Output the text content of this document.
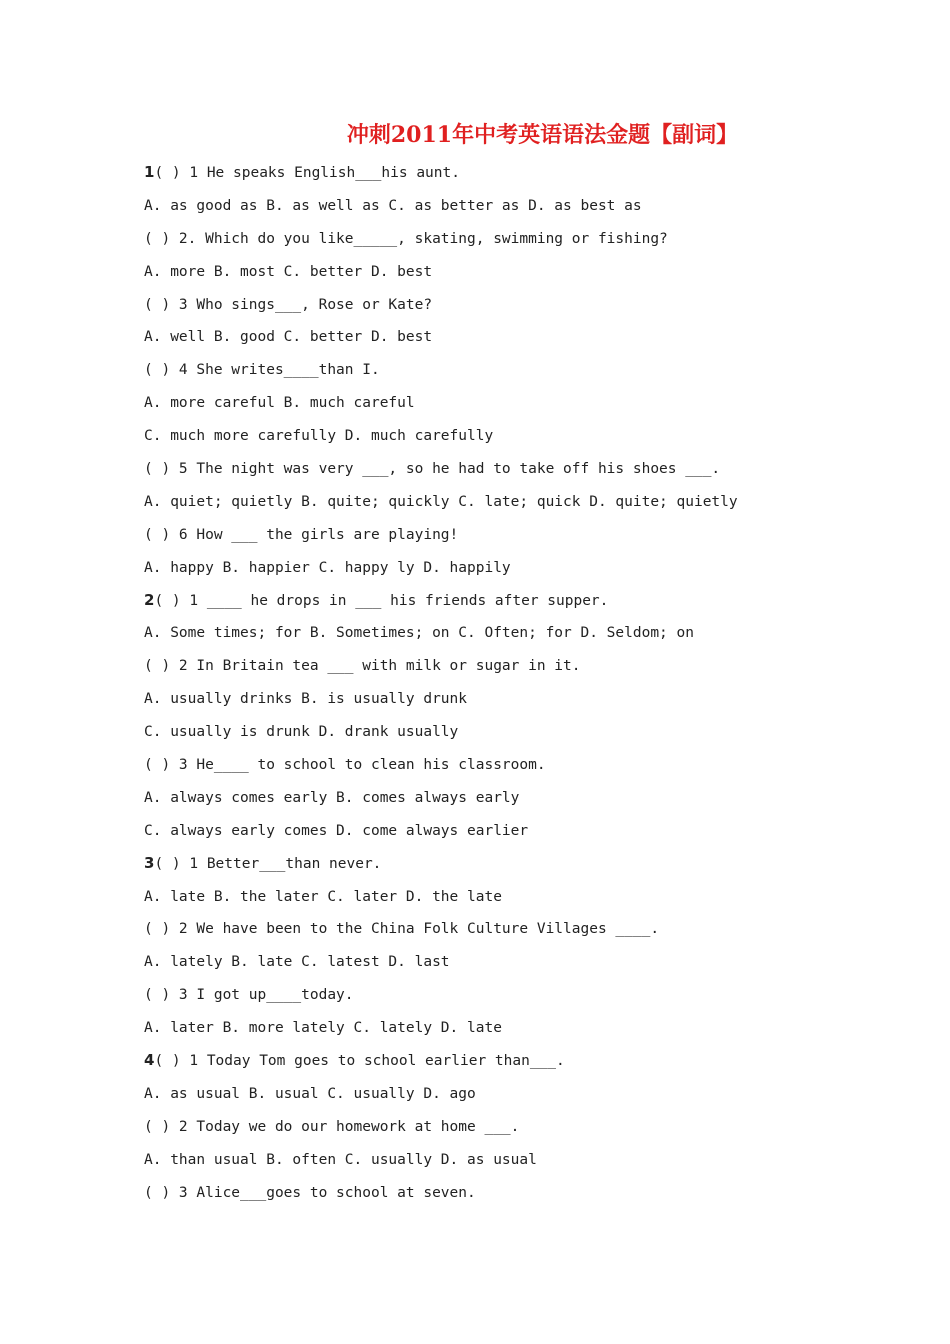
冲刺2011年中考英语语法金题【副词】
1( ) 1 He speaks English___his aunt.
A. as good as B. as well as C. as better as D. as best as
( ) 2. Which do you like_____, skating, swimming or fishing?
A. more B. most C. better D. best
( ) 3 Who sings___, Rose or Kate?
A. well B. good C. better D. best
( ) 4 She writes____than I.
A. more careful B. much careful
C. much more carefully D. much carefully
( ) 5 The night was very ___, so he had to take off his shoes ___.
A. quiet; quietly B. quite; quickly C. late; quick D. quite; quietly
( ) 6 How ___ the girls are playing!
A. happy B. happier C. happy ly D. happily
2( ) 1 ____ he drops in ___ his friends after supper.
A. Some times; for B. Sometimes; on C. Often; for D. Seldom; on
( ) 2 In Britain tea ___ with milk or sugar in it.
A. usually drinks B. is usually drunk
C. usually is drunk D. drank usually
( ) 3 He____ to school to clean his classroom.
A. always comes early B. comes always early
C. always early comes D. come always earlier
3( ) 1 Better___than never.
A. late B. the later C. later D. the late
( ) 2 We have been to the China Folk Culture Villages ____.
A. lately B. late C. latest D. last
( ) 3 I got up____today.
A. later B. more lately C. lately D. late
4( ) 1 Today Tom goes to school earlier than___.
A. as usual B. usual C. usually D. ago
( ) 2 Today we do our homework at home ___.
A. than usual B. often C. usually D. as usual
( ) 3 Alice___goes to school at seven.
